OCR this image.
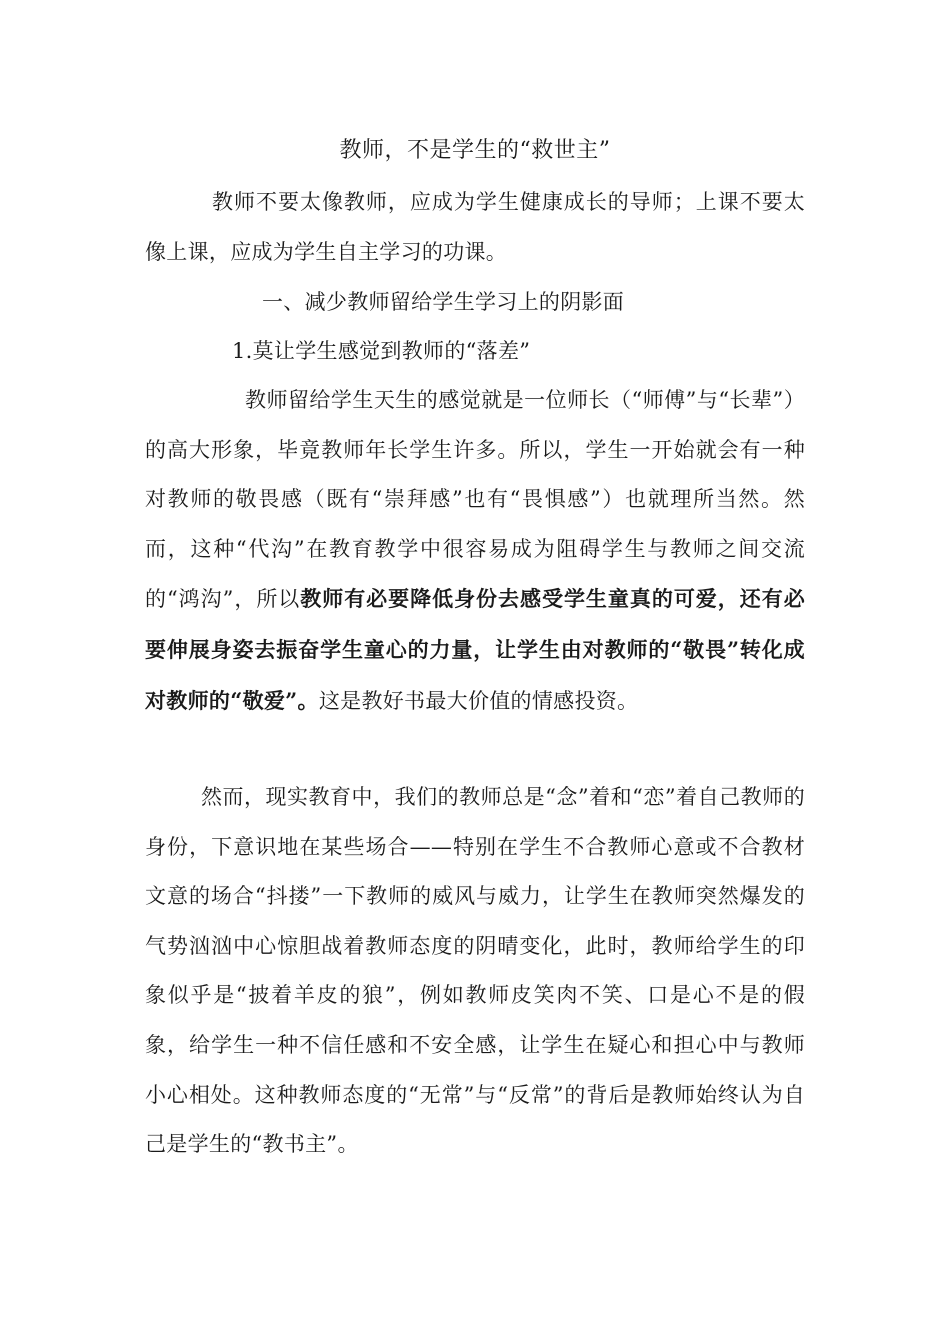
教师，不是学生的“救世主”

教师不要太像教师，应成为学生健康成长的导师；上课不要太像上课，应成为学生自主学习的功课。

一、减少教师留给学生学习上的阴影面

1.莫让学生感觉到教师的“落差”

教师留给学生天生的感觉就是一位师长（“师傅”与“长辈”）的高大形象，毕竟教师年长学生许多。所以，学生一开始就会有一种对教师的敬畏感（既有“崇拜感”也有“畏惧感”）也就理所当然。然而，这种“代沟”在教育教学中很容易成为阻碍学生与教师之间交流的“鸿沟”，所以教师有必要降低身份去感受学生童真的可爱，还有必要伸展身姿去振奋学生童心的力量，让学生由对教师的“敬畏”转化成对教师的“敬爱”。这是教好书最大价值的情感投资。

然而，现实教育中，我们的教师总是“念”着和“恋”着自己教师的身份，下意识地在某些场合——特别在学生不合教师心意或不合教材文意的场合“抖搂”一下教师的威风与威力，让学生在教师突然爆发的气势汹汹中心惊胆战着教师态度的阴晴变化，此时，教师给学生的印象似乎是“披着羊皮的狼”，例如教师皮笑肉不笑、口是心不是的假象，给学生一种不信任感和不安全感，让学生在疑心和担心中与教师小心相处。这种教师态度的“无常”与“反常”的背后是教师始终认为自己是学生的“教书主”。
